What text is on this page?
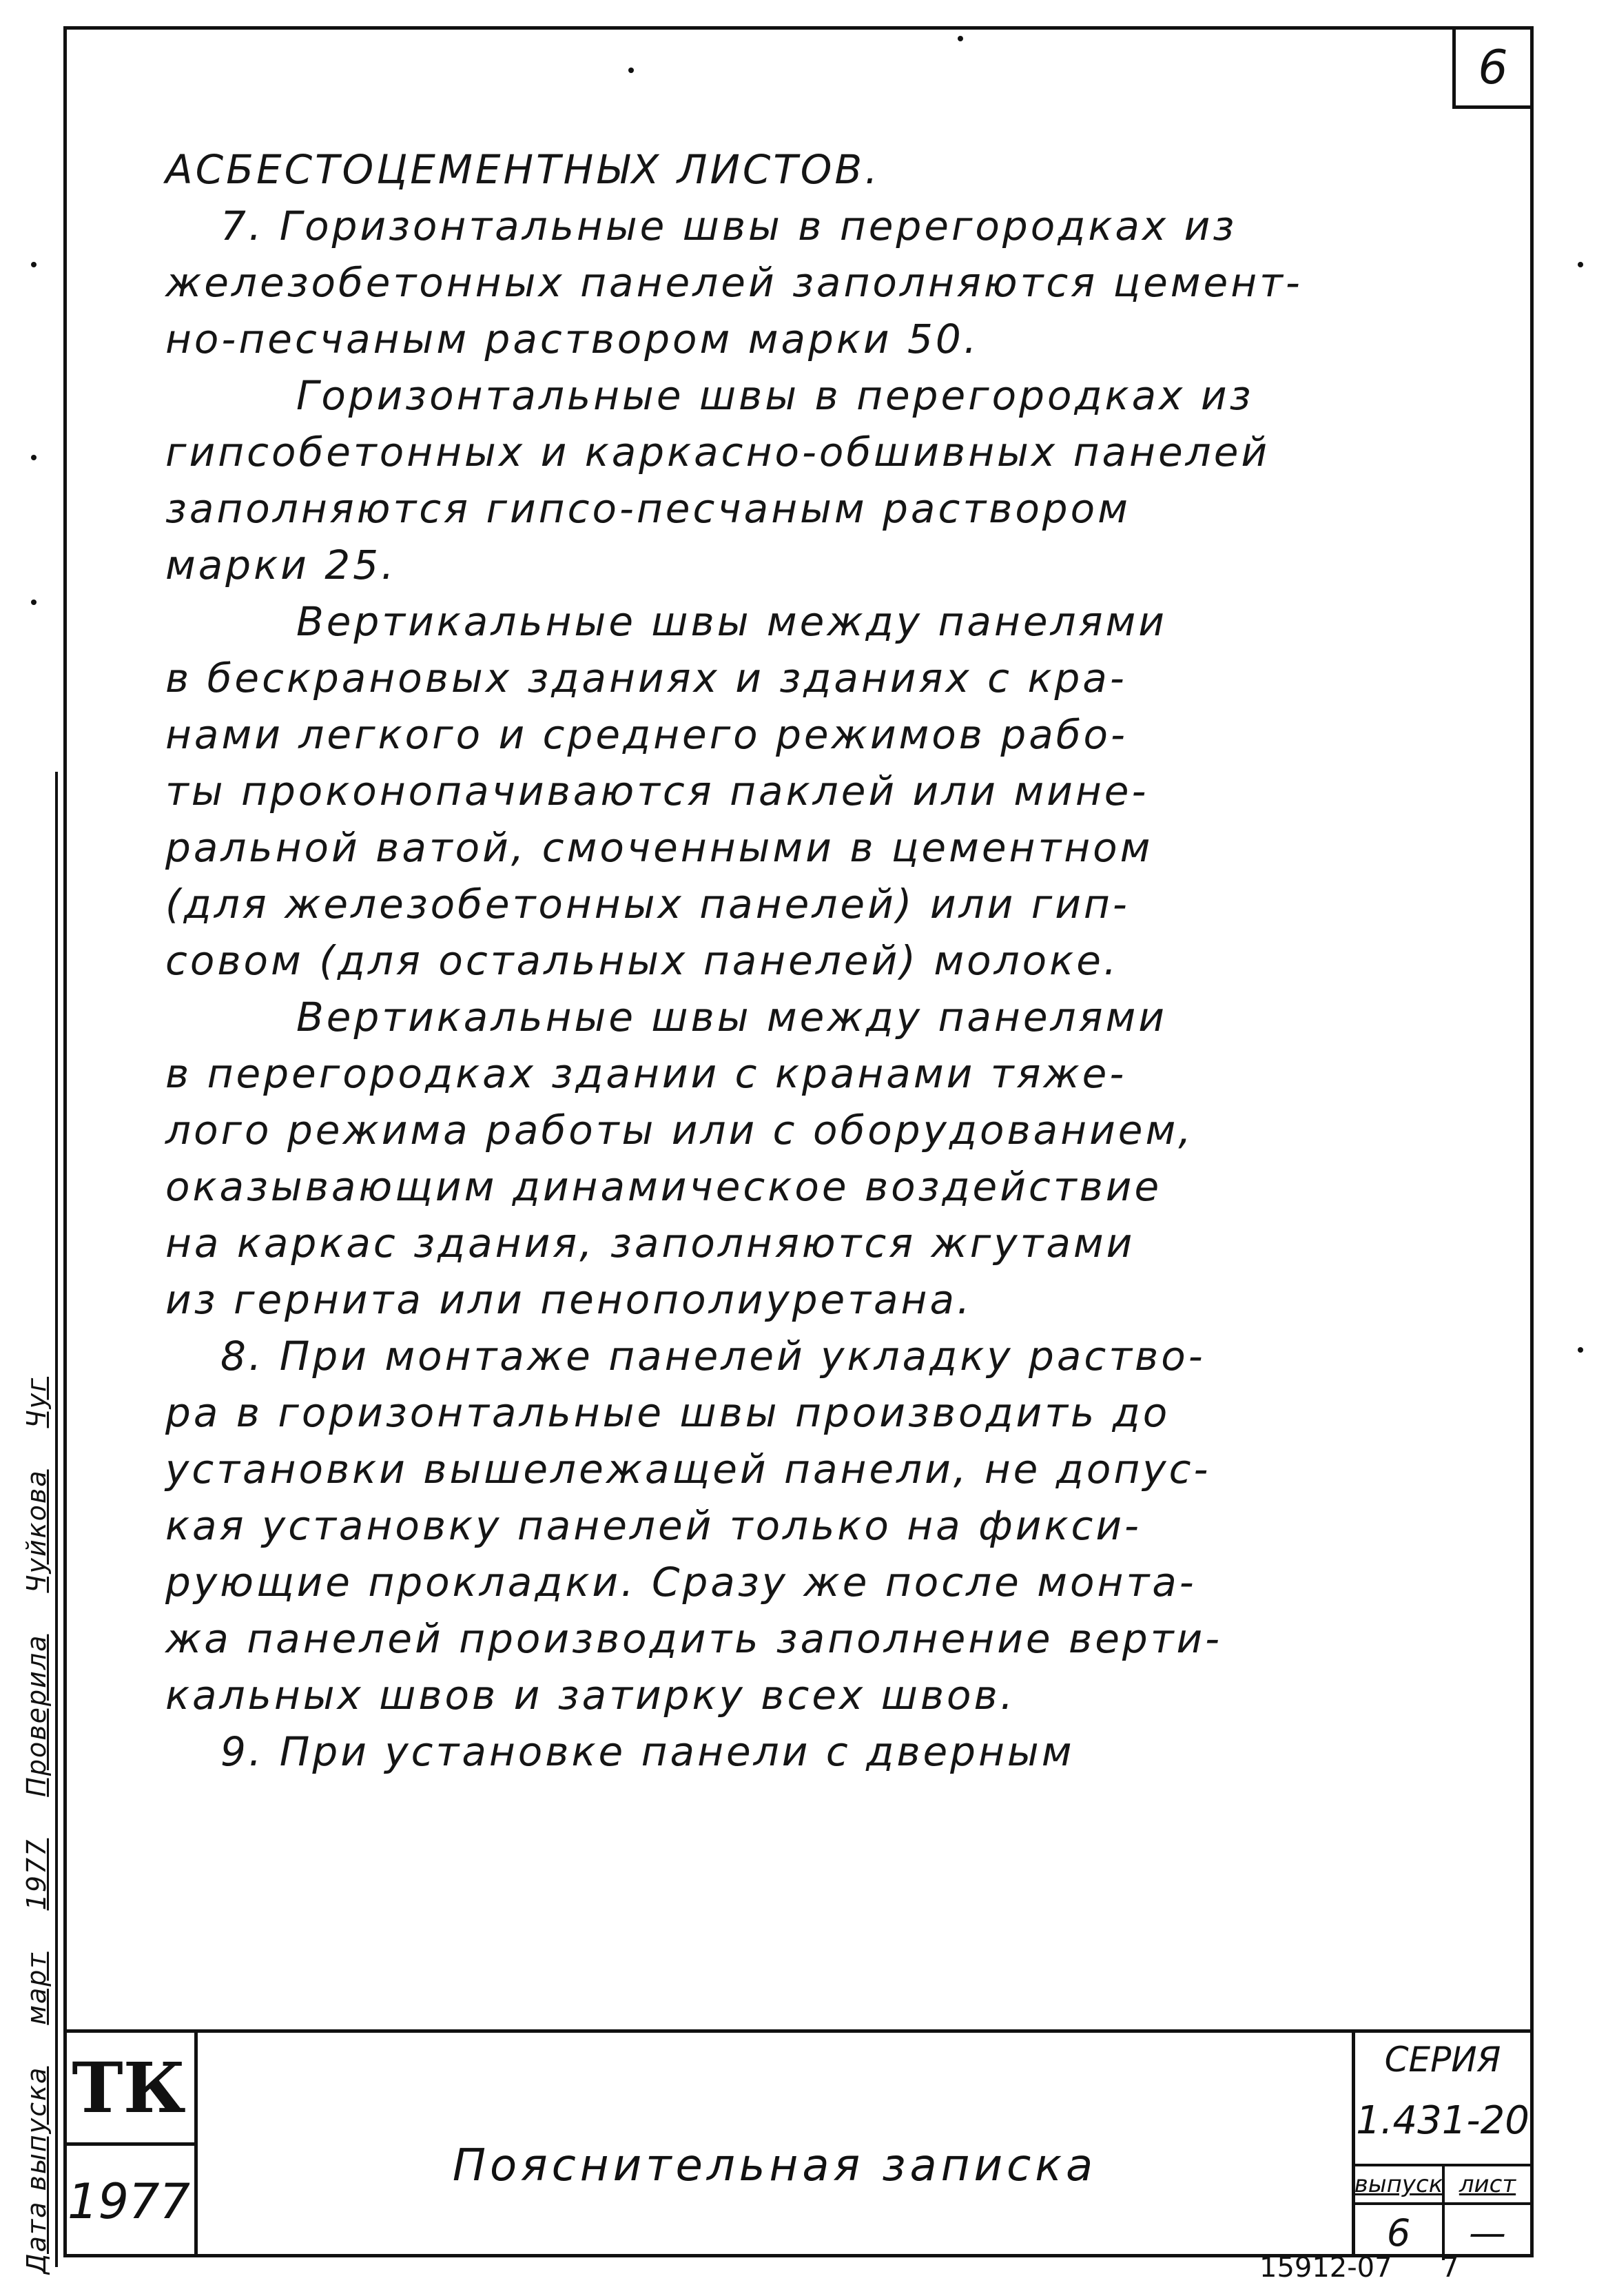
6
Дата выпуска
март
1977
Проверила
Чуйкова
Чуг
АСБЕСТОЦЕМЕНТНЫХ ЛИСТОВ.
7. Горизонтальные швы в перегородках из
железобетонных панелей заполняются цемент-
но-песчаным раствором марки 50.
Горизонтальные швы в перегородках из
гипсобетонных и каркасно-обшивных панелей
заполняются гипсо-песчаным раствором
марки 25.
Вертикальные швы между панелями
в бескрановых зданиях и зданиях с кра-
нами легкого и среднего режимов рабо-
ты проконопачиваются паклей или мине-
ральной ватой, смоченными в цементном
(для железобетонных панелей) или гип-
совом (для остальных панелей) молоке.
Вертикальные швы между панелями
в перегородках здании с кранами тяже-
лого режима работы или с оборудованием,
оказывающим динамическое воздействие
на каркас здания, заполняются жгутами
из гернита или пенополиуретана.
8. При монтаже панелей укладку раство-
ра в горизонтальные швы производить до
установки вышележащей панели, не допус-
кая установку панелей только на фикси-
рующие прокладки. Сразу же после монта-
жа панелей производить заполнение верти-
кальных швов и затирку всех швов.
9. При установке панели с дверным
ТК
1977
Пояснительная записка
СЕРИЯ
1.431-20
выпуск лист
6	—
15912-07 7
